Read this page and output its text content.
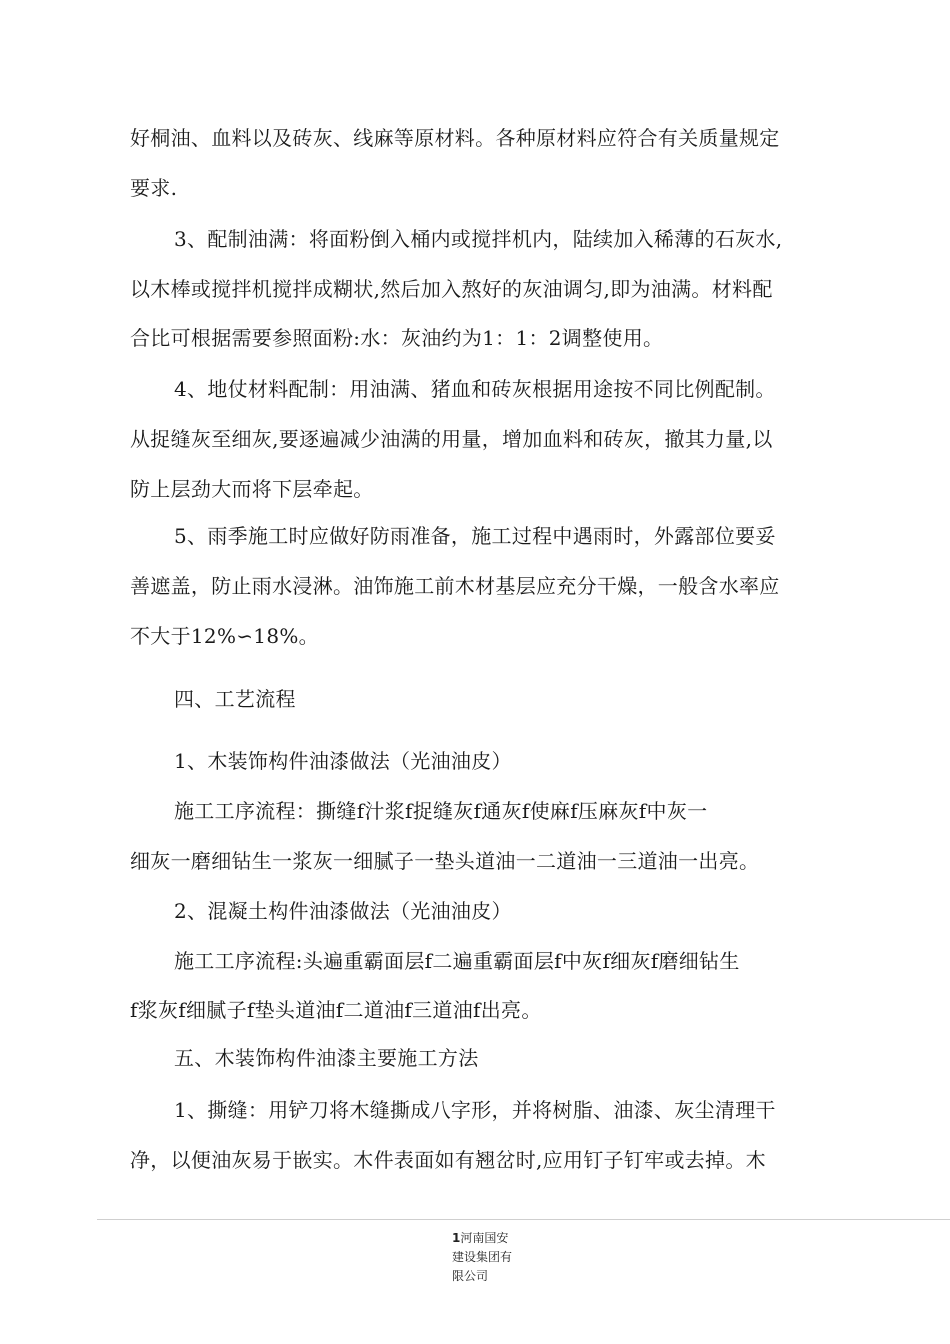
好桐油、血料以及砖灰、线麻等原材料。各种原材料应符合有关质量规定
要求.
3、配制油满：将面粉倒入桶内或搅拌机内，陆续加入稀薄的石灰水,
以木棒或搅拌机搅拌成糊状,然后加入熬好的灰油调匀,即为油满。材料配
合比可根据需要参照面粉:水：灰油约为1：1：2调整使用。
4、地仗材料配制：用油满、猪血和砖灰根据用途按不同比例配制。
从捉缝灰至细灰,要逐遍减少油满的用量，增加血料和砖灰，撤其力量,以
防上层劲大而将下层牵起。
5、雨季施工时应做好防雨准备，施工过程中遇雨时，外露部位要妥
善遮盖，防止雨水浸淋。油饰施工前木材基层应充分干燥，一般含水率应
不大于12%∽18%。
四、工艺流程
1、木装饰构件油漆做法（光油油皮）
施工工序流程：撕缝f汁浆f捉缝灰f通灰f使麻f压麻灰f中灰一
细灰一磨细钻生一浆灰一细腻子一垫头道油一二道油一三道油一出亮。
2、混凝土构件油漆做法（光油油皮）
施工工序流程:头遍重霸面层f二遍重霸面层f中灰f细灰f磨细钻生
f浆灰f细腻子f垫头道油f二道油f三道油f出亮。
五、木装饰构件油漆主要施工方法
1、撕缝：用铲刀将木缝撕成八字形，并将树脂、油漆、灰尘清理干
净，以便油灰易于嵌实。木件表面如有翘岔时,应用钉子钉牢或去掉。木
1河南国安建设集团有限公司
